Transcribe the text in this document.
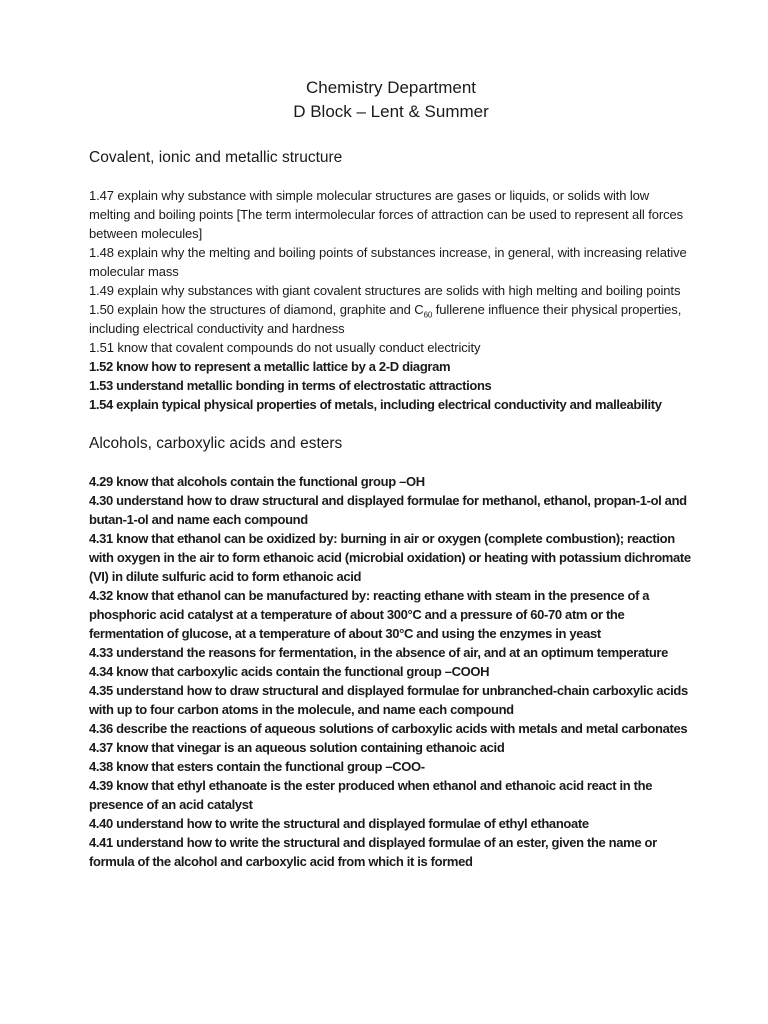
Chemistry Department
D Block – Lent & Summer
Covalent, ionic and metallic structure
1.47 explain why substance with simple molecular structures are gases or liquids, or solids with low melting and boiling points [The term intermolecular forces of attraction can be used to represent all forces between molecules]
1.48 explain why the melting and boiling points of substances increase, in general, with increasing relative molecular mass
1.49 explain why substances with giant covalent structures are solids with high melting and boiling points
1.50 explain how the structures of diamond, graphite and $C_{60}$ fullerene influence their physical properties, including electrical conductivity and hardness
1.51 know that covalent compounds do not usually conduct electricity
1.52 know how to represent a metallic lattice by a 2-D diagram
1.53 understand metallic bonding in terms of electrostatic attractions
1.54 explain typical physical properties of metals, including electrical conductivity and malleability
Alcohols, carboxylic acids and esters
4.29 know that alcohols contain the functional group –OH
4.30 understand how to draw structural and displayed formulae for methanol, ethanol, propan-1-ol and butan-1-ol and name each compound
4.31 know that ethanol can be oxidized by: burning in air or oxygen (complete combustion); reaction with oxygen in the air to form ethanoic acid (microbial oxidation) or heating with potassium dichromate (VI) in dilute sulfuric acid to form ethanoic acid
4.32 know that ethanol can be manufactured by: reacting ethane with steam in the presence of a phosphoric acid catalyst at a temperature of about 300°C and a pressure of 60-70 atm or the fermentation of glucose, at a temperature of about 30°C and using the enzymes in yeast
4.33 understand the reasons for fermentation, in the absence of air, and at an optimum temperature
4.34 know that carboxylic acids contain the functional group –COOH
4.35 understand how to draw structural and displayed formulae for unbranched-chain carboxylic acids with up to four carbon atoms in the molecule, and name each compound
4.36 describe the reactions of aqueous solutions of carboxylic acids with metals and metal carbonates
4.37 know that vinegar is an aqueous solution containing ethanoic acid
4.38 know that esters contain the functional group –COO-
4.39 know that ethyl ethanoate is the ester produced when ethanol and ethanoic acid react in the presence of an acid catalyst
4.40 understand how to write the structural and displayed formulae of ethyl ethanoate
4.41 understand how to write the structural and displayed formulae of an ester, given the name or formula of the alcohol and carboxylic acid from which it is formed
